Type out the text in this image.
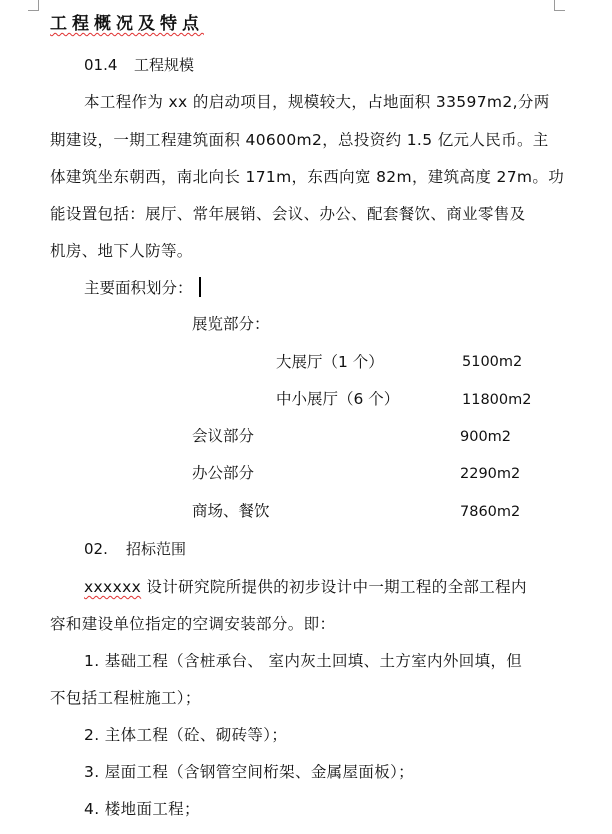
工程概况及特点
01.4 工程规模
本工程作为 xx 的启动项目，规模较大，占地面积 33597m2,分两
期建设，一期工程建筑面积 40600m2，总投资约 1.5 亿元人民币。主
体建筑坐东朝西，南北向长 171m，东西向宽 82m，建筑高度 27m。功
能设置包括：展厅、常年展销、会议、办公、配套餐饮、商业零售及
机房、地下人防等。
主要面积划分：
展览部分：
大展厅（1 个）	5100m2
中小展厅（6 个）	11800m2
会议部分	900m2
办公部分	2290m2
商场、餐饮	7860m2
02. 招标范围
xxxxxx 设计研究院所提供的初步设计中一期工程的全部工程内
容和建设单位指定的空调安装部分。即：
1. 基础工程（含桩承台、 室内灰土回填、土方室内外回填，但
不包括工程桩施工）；
2. 主体工程（砼、砌砖等）；
3. 屋面工程（含钢管空间桁架、金属屋面板）；
4. 楼地面工程；
